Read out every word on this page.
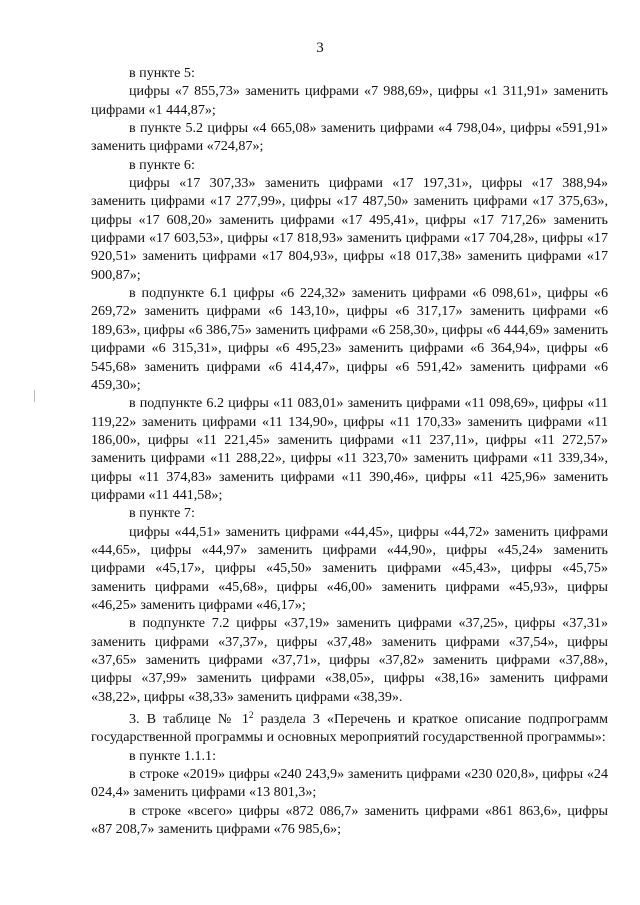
3

в пункте 5:

цифры «7 855,73» заменить цифрами «7 988,69», цифры «1 311,91» заменить цифрами «1 444,87»;

в пункте 5.2 цифры «4 665,08» заменить цифрами «4 798,04», цифры «591,91» заменить цифрами «724,87»;

в пункте 6:

цифры «17 307,33» заменить цифрами «17 197,31», цифры «17 388,94» заменить цифрами «17 277,99», цифры «17 487,50» заменить цифрами «17 375,63», цифры «17 608,20» заменить цифрами «17 495,41», цифры «17 717,26» заменить цифрами «17 603,53», цифры «17 818,93» заменить цифрами «17 704,28», цифры «17 920,51» заменить цифрами «17 804,93», цифры «18 017,38» заменить цифрами «17 900,87»;

в подпункте 6.1 цифры «6 224,32» заменить цифрами «6 098,61», цифры «6 269,72» заменить цифрами «6 143,10», цифры «6 317,17» заменить цифрами «6 189,63», цифры «6 386,75» заменить цифрами «6 258,30», цифры «6 444,69» заменить цифрами «6 315,31», цифры «6 495,23» заменить цифрами «6 364,94», цифры «6 545,68» заменить цифрами «6 414,47», цифры «6 591,42» заменить цифрами «6 459,30»;

в подпункте 6.2 цифры «11 083,01» заменить цифрами «11 098,69», цифры «11 119,22» заменить цифрами «11 134,90», цифры «11 170,33» заменить цифрами «11 186,00», цифры «11 221,45» заменить цифрами «11 237,11», цифры «11 272,57» заменить цифрами «11 288,22», цифры «11 323,70» заменить цифрами «11 339,34», цифры «11 374,83» заменить цифрами «11 390,46», цифры «11 425,96» заменить цифрами «11 441,58»;

в пункте 7:

цифры «44,51» заменить цифрами «44,45», цифры «44,72» заменить цифрами «44,65», цифры «44,97» заменить цифрами «44,90», цифры «45,24» заменить цифрами «45,17», цифры «45,50» заменить цифрами «45,43», цифры «45,75» заменить цифрами «45,68», цифры «46,00» заменить цифрами «45,93», цифры «46,25» заменить цифрами «46,17»;

в подпункте 7.2 цифры «37,19» заменить цифрами «37,25», цифры «37,31» заменить цифрами «37,37», цифры «37,48» заменить цифрами «37,54», цифры «37,65» заменить цифрами «37,71», цифры «37,82» заменить цифрами «37,88», цифры «37,99» заменить цифрами «38,05», цифры «38,16» заменить цифрами «38,22», цифры «38,33» заменить цифрами «38,39».

3. В таблице № $1^2$ раздела 3 «Перечень и краткое описание подпрограмм государственной программы и основных мероприятий государственной программы»:

в пункте 1.1.1:

в строке «2019» цифры «240 243,9» заменить цифрами «230 020,8», цифры «24 024,4» заменить цифрами «13 801,3»;

в строке «всего» цифры «872 086,7» заменить цифрами «861 863,6», цифры «87 208,7» заменить цифрами «76 985,6»;
